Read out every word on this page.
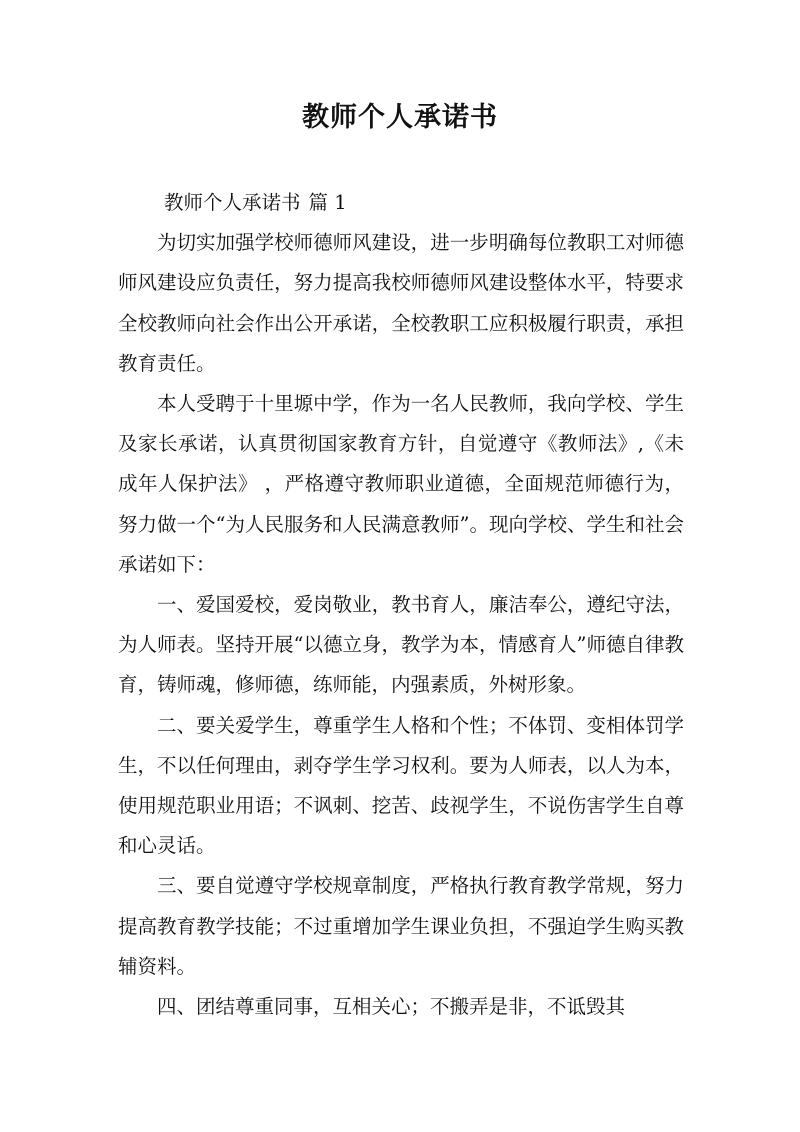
教师个人承诺书

教师个人承诺书 篇 1

为切实加强学校师德师风建设，进一步明确每位教职工对师德师风建设应负责任，努力提高我校师德师风建设整体水平，特要求全校教师向社会作出公开承诺，全校教职工应积极履行职责，承担教育责任。

本人受聘于十里塬中学，作为一名人民教师，我向学校、学生及家长承诺，认真贯彻国家教育方针，自觉遵守《教师法》,《未成年人保护法》 ，严格遵守教师职业道德，全面规范师德行为，努力做一个“为人民服务和人民满意教师”。现向学校、学生和社会承诺如下：

一、爱国爱校，爱岗敬业，教书育人，廉洁奉公，遵纪守法，为人师表。坚持开展“以德立身，教学为本，情感育人”师德自律教育，铸师魂，修师德，练师能，内强素质，外树形象。

二、要关爱学生，尊重学生人格和个性；不体罚、变相体罚学生，不以任何理由，剥夺学生学习权利。要为人师表，以人为本，使用规范职业用语；不讽刺、挖苦、歧视学生，不说伤害学生自尊和心灵话。

三、要自觉遵守学校规章制度，严格执行教育教学常规，努力提高教育教学技能；不过重增加学生课业负担，不强迫学生购买教辅资料。

四、团结尊重同事，互相关心；不搬弄是非，不诋毁其
